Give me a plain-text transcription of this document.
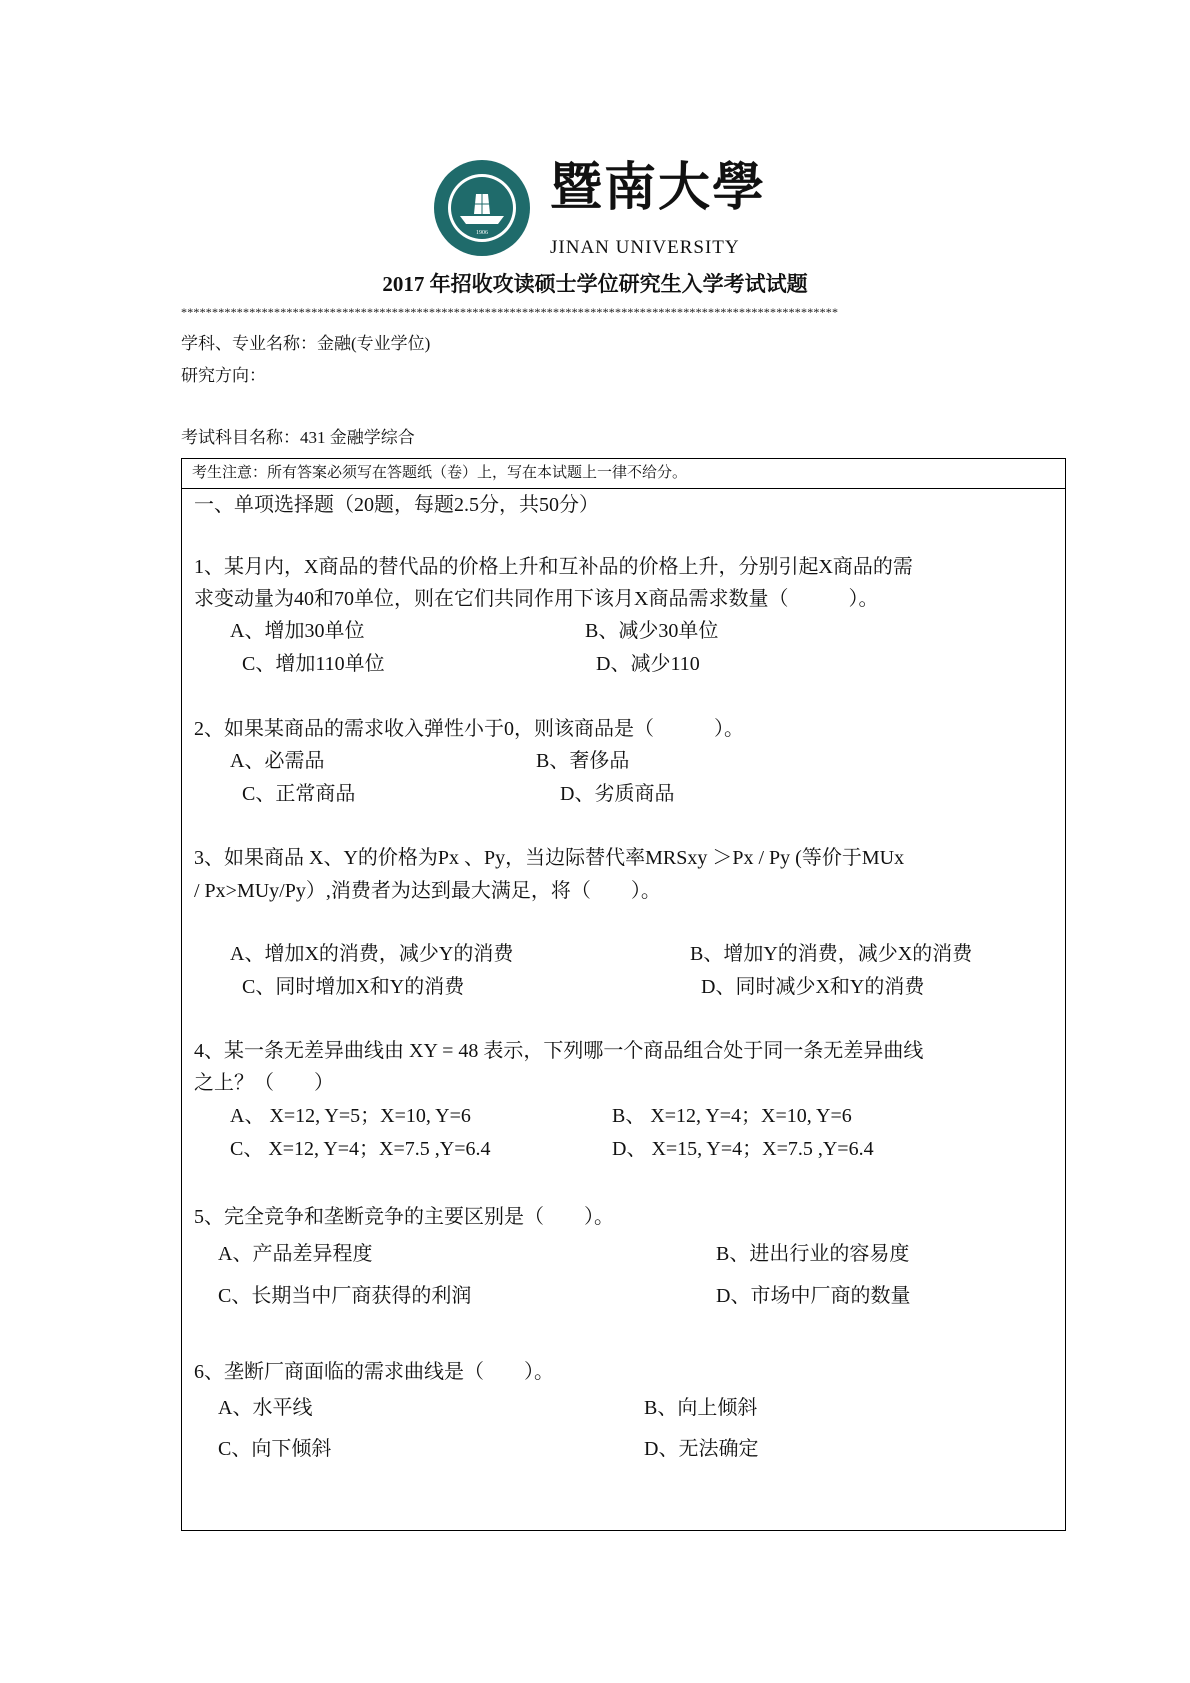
1906
暨南大學
JINAN UNIVERSITY
2017 年招收攻读硕士学位研究生入学考试试题
**********************************************************************************************************
学科、专业名称：金融(专业学位)
研究方向：
考试科目名称：431 金融学综合
考生注意：所有答案必须写在答题纸（卷）上，写在本试题上一律不给分。
一、单项选择题（20题，每题2.5分，共50分）
1、某月内，X商品的替代品的价格上升和互补品的价格上升，分别引起X商品的需
求变动量为40和70单位，则在它们共同作用下该月X商品需求数量（　　　）。
A、增加30单位	B、减少30单位
C、增加110单位	D、减少110
2、如果某商品的需求收入弹性小于0，则该商品是（　　　）。
A、必需品	B、奢侈品
C、正常商品	D、劣质商品
3、如果商品 X、Y的价格为Px 、Py，当边际替代率MRSxy ＞Px / Py (等价于MUx
/ Px>MUy/Py）,消费者为达到最大满足，将（　　）。
A、增加X的消费，减少Y的消费	B、增加Y的消费，减少X的消费
C、同时增加X和Y的消费	D、同时减少X和Y的消费
4、某一条无差异曲线由 XY = 48 表示，下列哪一个商品组合处于同一条无差异曲线
之上？（　　）
A、 X=12, Y=5；X=10, Y=6	B、 X=12, Y=4；X=10, Y=6
C、 X=12, Y=4；X=7.5 ,Y=6.4	D、 X=15, Y=4；X=7.5 ,Y=6.4
5、完全竞争和垄断竞争的主要区别是（　　）。
A、产品差异程度	B、进出行业的容易度
C、长期当中厂商获得的利润	D、市场中厂商的数量
6、垄断厂商面临的需求曲线是（　　）。
A、水平线	B、向上倾斜
C、向下倾斜	D、无法确定
